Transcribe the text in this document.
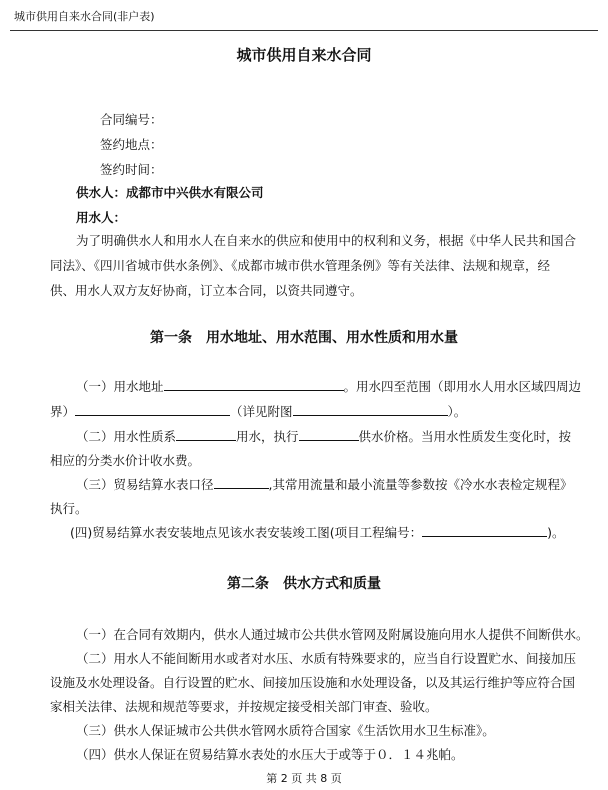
城市供用自来水合同(非户表)
城市供用自来水合同
合同编号：
签约地点：
签约时间：
供水人：成都市中兴供水有限公司
用水人：
为了明确供水人和用水人在自来水的供应和使用中的权利和义务，根据《中华人民共和国合
同法》、《四川省城市供水条例》、《成都市城市供水管理条例》等有关法律、法规和规章，经
供、用水人双方友好协商，订立本合同，以资共同遵守。
第一条　用水地址、用水范围、用水性质和用水量
（一）用水地址	。用水四至范围（即用水人用水区域四周边
界）	（详见附图	）。
（二）用水性质系	用水，执行	供水价格。当用水性质发生变化时，按
相应的分类水价计收水费。
（三）贸易结算水表口径	,其常用流量和最小流量等参数按《冷水水表检定规程》
执行。
(四)贸易结算水表安装地点见该水表安装竣工图(项目工程编号：	)。
第二条　供水方式和质量
（一）在合同有效期内，供水人通过城市公共供水管网及附属设施向用水人提供不间断供水。
（二）用水人不能间断用水或者对水压、水质有特殊要求的，应当自行设置贮水、间接加压
设施及水处理设备。自行设置的贮水、间接加压设施和水处理设备，以及其运行维护等应符合国
家相关法律、法规和规范等要求，并按规定接受相关部门审查、验收。
（三）供水人保证城市公共供水管网水质符合国家《生活饮用水卫生标准》。
（四）供水人保证在贸易结算水表处的水压大于或等于０．１４兆帕。
第 2 页 共 8 页
